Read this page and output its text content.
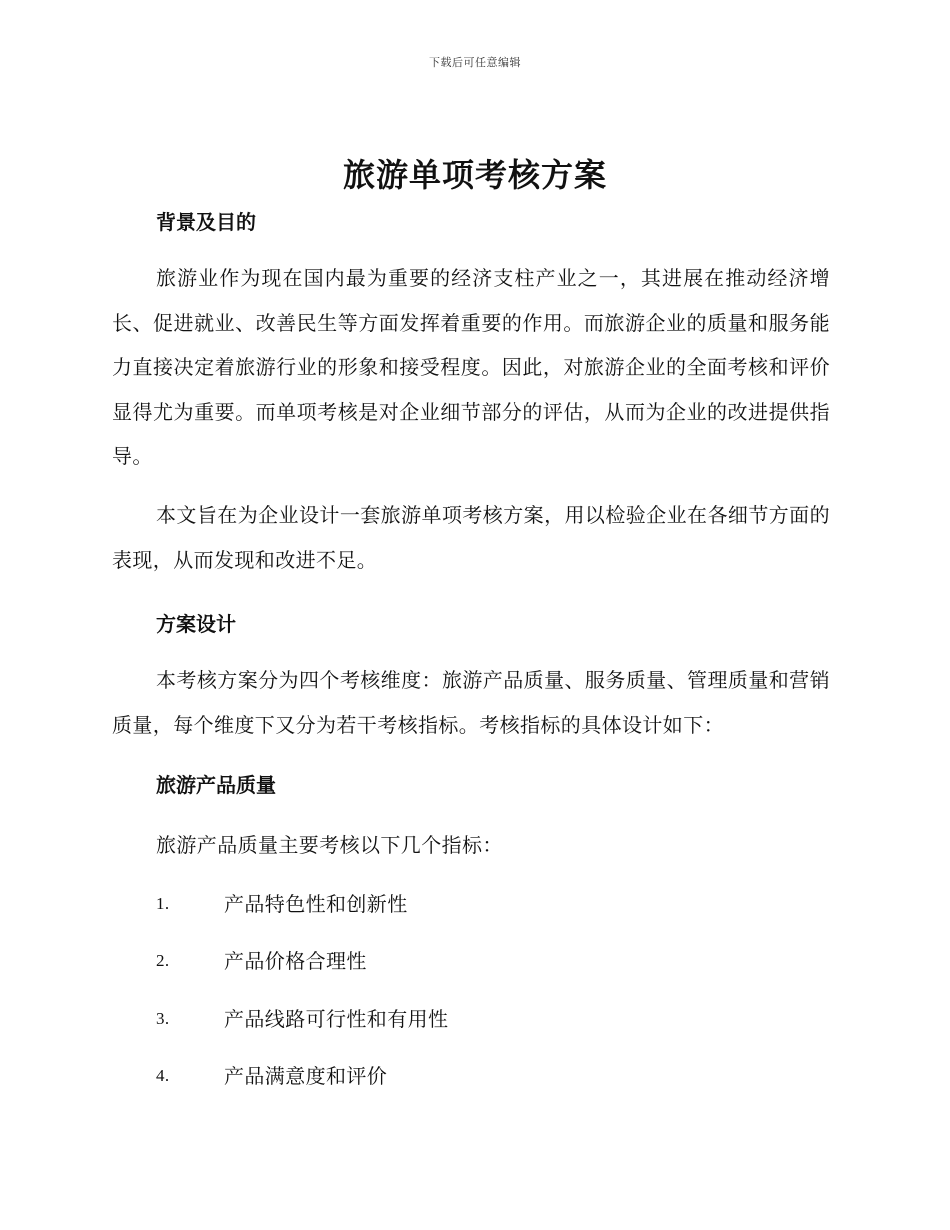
下载后可任意编辑
旅游单项考核方案
背景及目的

旅游业作为现在国内最为重要的经济支柱产业之一，其进展在推动经济增长、促进就业、改善民生等方面发挥着重要的作用。而旅游企业的质量和服务能力直接决定着旅游行业的形象和接受程度。因此，对旅游企业的全面考核和评价显得尤为重要。而单项考核是对企业细节部分的评估，从而为企业的改进提供指导。

本文旨在为企业设计一套旅游单项考核方案，用以检验企业在各细节方面的表现，从而发现和改进不足。

方案设计

本考核方案分为四个考核维度：旅游产品质量、服务质量、管理质量和营销质量，每个维度下又分为若干考核指标。考核指标的具体设计如下：

旅游产品质量

旅游产品质量主要考核以下几个指标：

1.	产品特色性和创新性
2.	产品价格合理性
3.	产品线路可行性和有用性
4.	产品满意度和评价
